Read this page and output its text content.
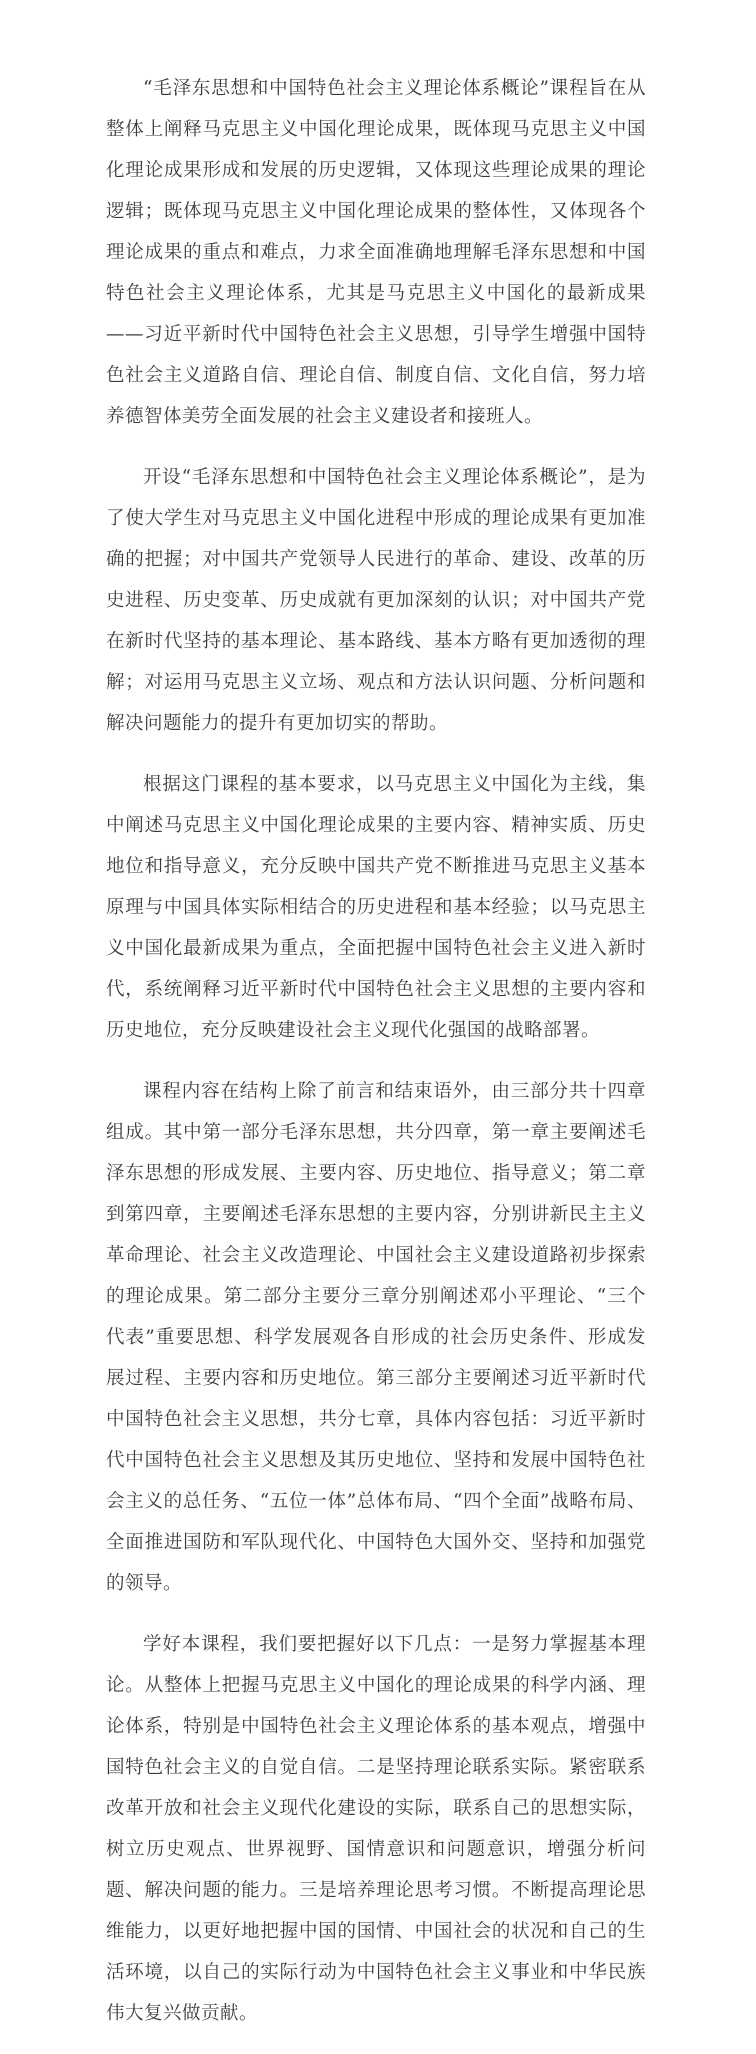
“毛泽东思想和中国特色社会主义理论体系概论”课程旨在从整体上阐释马克思主义中国化理论成果，既体现马克思主义中国化理论成果形成和发展的历史逻辑，又体现这些理论成果的理论逻辑；既体现马克思主义中国化理论成果的整体性，又体现各个理论成果的重点和难点，力求全面准确地理解毛泽东思想和中国特色社会主义理论体系，尤其是马克思主义中国化的最新成果——习近平新时代中国特色社会主义思想，引导学生增强中国特色社会主义道路自信、理论自信、制度自信、文化自信，努力培养德智体美劳全面发展的社会主义建设者和接班人。

开设“毛泽东思想和中国特色社会主义理论体系概论”，是为了使大学生对马克思主义中国化进程中形成的理论成果有更加准确的把握；对中国共产党领导人民进行的革命、建设、改革的历史进程、历史变革、历史成就有更加深刻的认识；对中国共产党在新时代坚持的基本理论、基本路线、基本方略有更加透彻的理解；对运用马克思主义立场、观点和方法认识问题、分析问题和解决问题能力的提升有更加切实的帮助。

根据这门课程的基本要求，以马克思主义中国化为主线，集中阐述马克思主义中国化理论成果的主要内容、精神实质、历史地位和指导意义，充分反映中国共产党不断推进马克思主义基本原理与中国具体实际相结合的历史进程和基本经验；以马克思主义中国化最新成果为重点，全面把握中国特色社会主义进入新时代，系统阐释习近平新时代中国特色社会主义思想的主要内容和历史地位，充分反映建设社会主义现代化强国的战略部署。

课程内容在结构上除了前言和结束语外，由三部分共十四章组成。其中第一部分毛泽东思想，共分四章，第一章主要阐述毛泽东思想的形成发展、主要内容、历史地位、指导意义；第二章到第四章，主要阐述毛泽东思想的主要内容，分别讲新民主主义革命理论、社会主义改造理论、中国社会主义建设道路初步探索的理论成果。第二部分主要分三章分别阐述邓小平理论、“三个代表”重要思想、科学发展观各自形成的社会历史条件、形成发展过程、主要内容和历史地位。第三部分主要阐述习近平新时代中国特色社会主义思想，共分七章，具体内容包括：习近平新时代中国特色社会主义思想及其历史地位、坚持和发展中国特色社会主义的总任务、“五位一体”总体布局、“四个全面”战略布局、全面推进国防和军队现代化、中国特色大国外交、坚持和加强党的领导。

学好本课程，我们要把握好以下几点：一是努力掌握基本理论。从整体上把握马克思主义中国化的理论成果的科学内涵、理论体系，特别是中国特色社会主义理论体系的基本观点，增强中国特色社会主义的自觉自信。二是坚持理论联系实际。紧密联系改革开放和社会主义现代化建设的实际，联系自己的思想实际，树立历史观点、世界视野、国情意识和问题意识，增强分析问题、解决问题的能力。三是培养理论思考习惯。不断提高理论思维能力，以更好地把握中国的国情、中国社会的状况和自己的生活环境，以自己的实际行动为中国特色社会主义事业和中华民族伟大复兴做贡献。
